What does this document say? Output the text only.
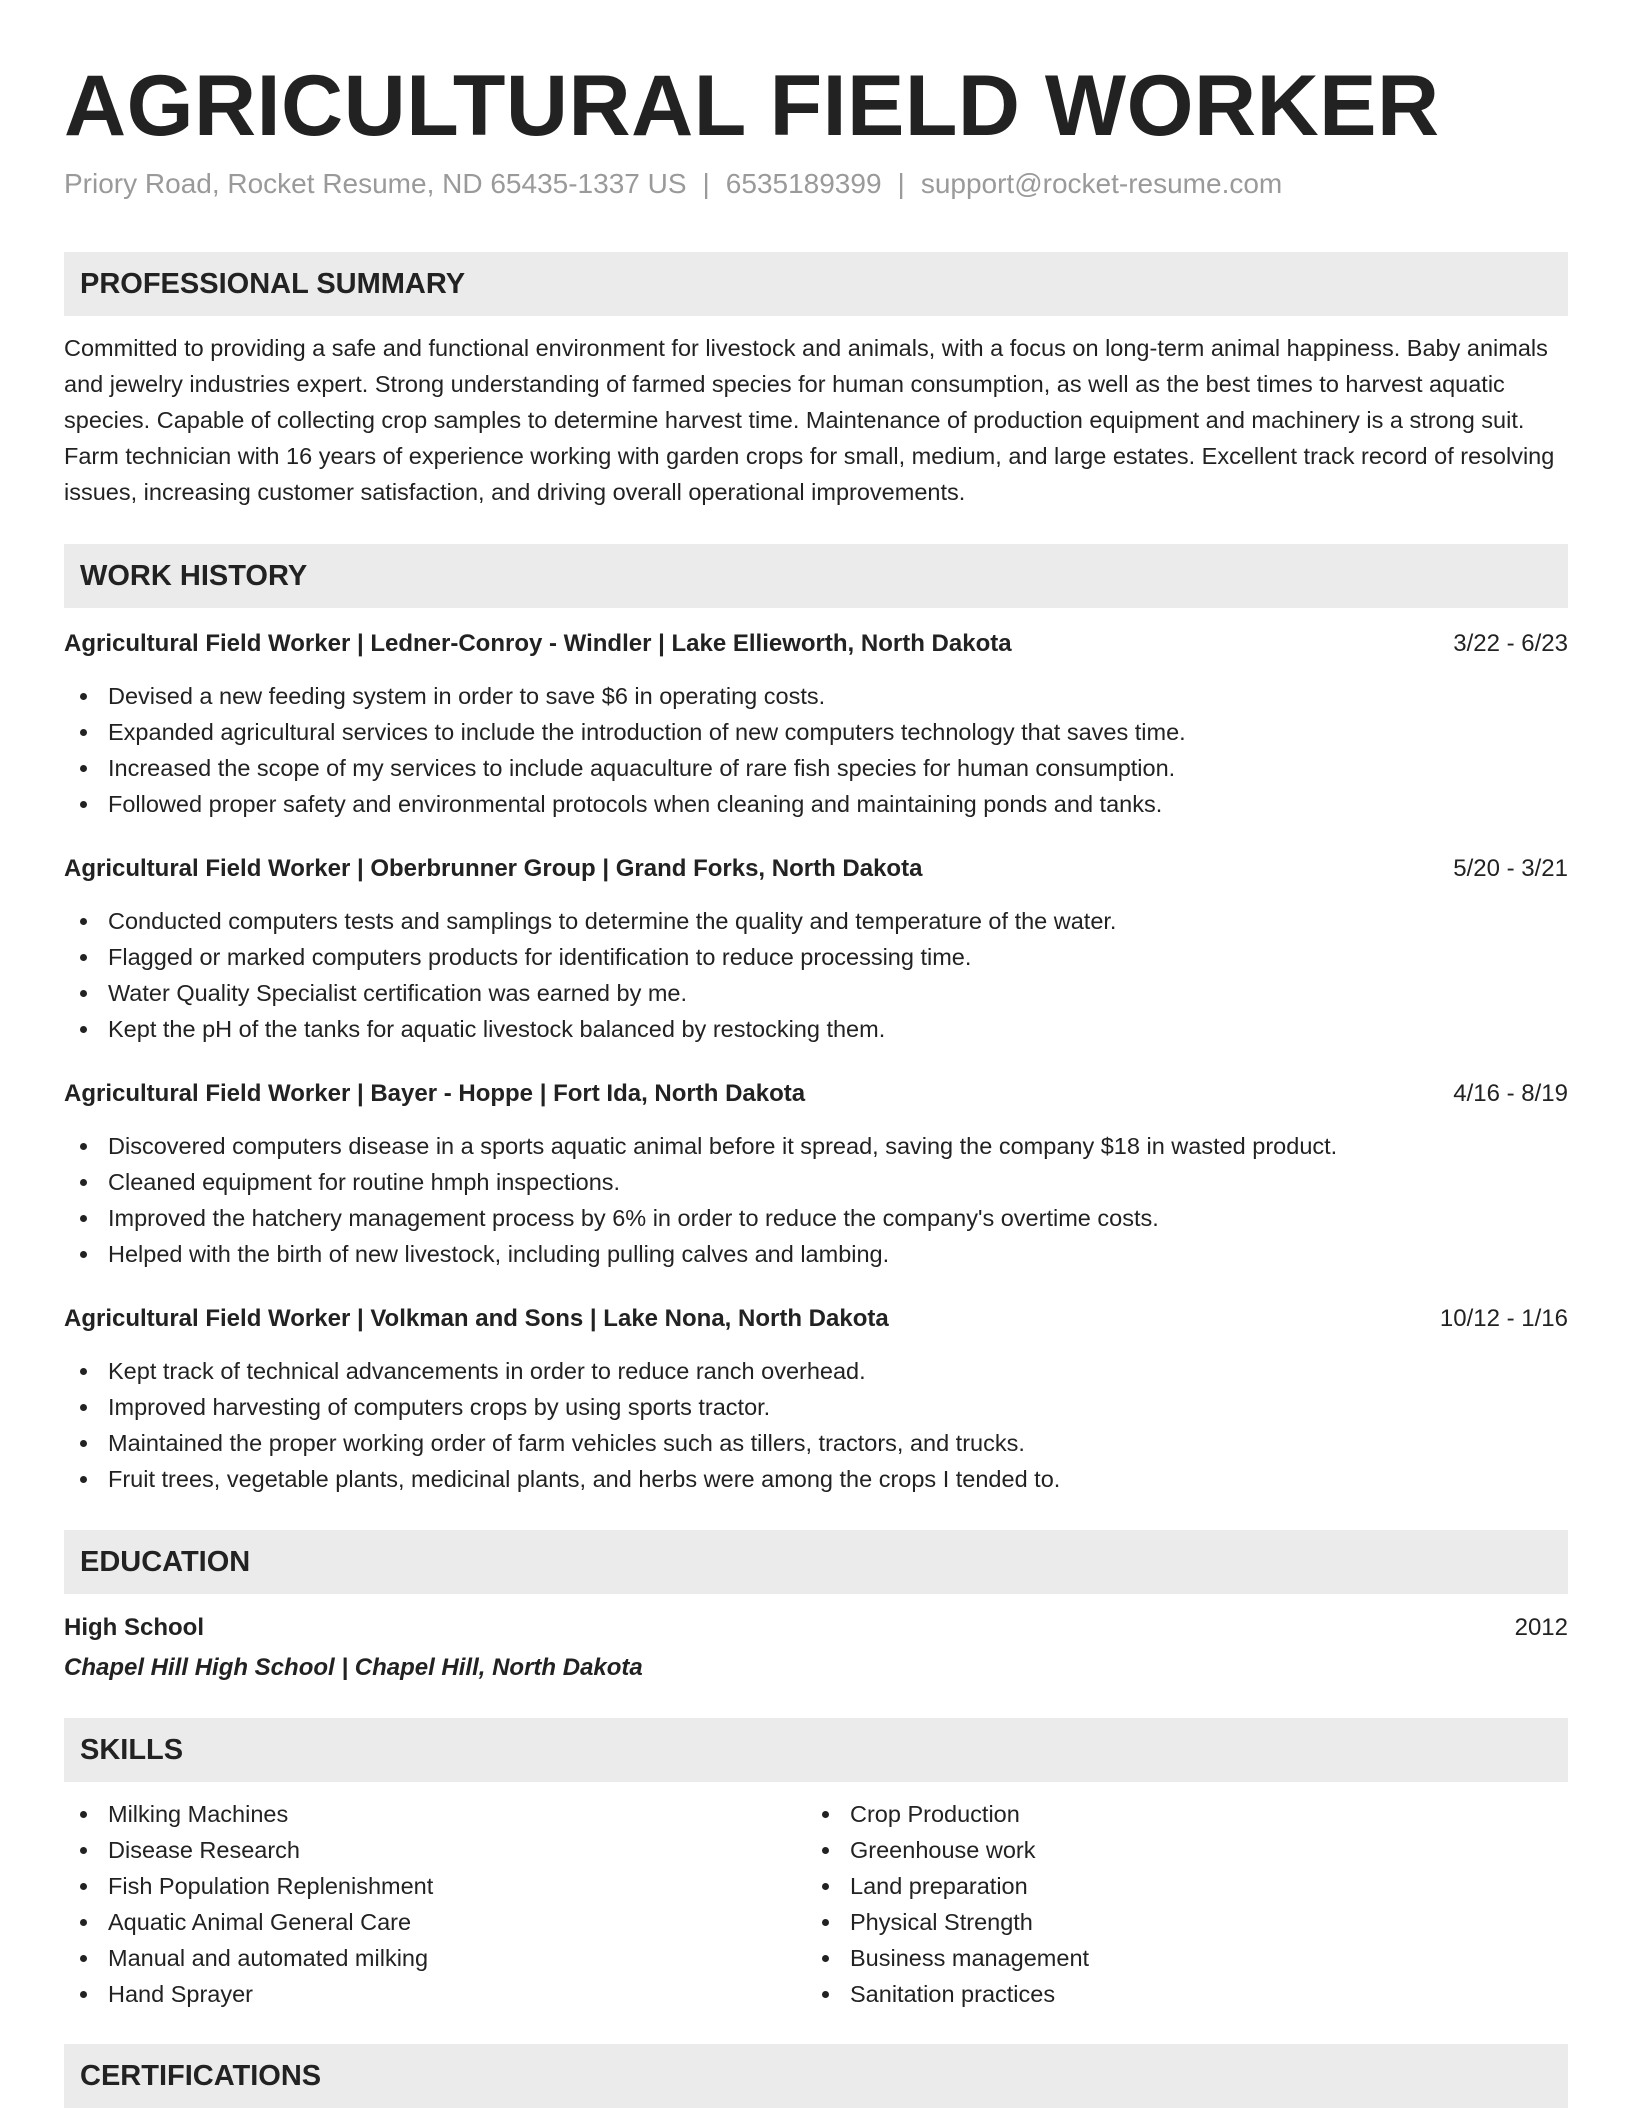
AGRICULTURAL FIELD WORKER
Priory Road, Rocket Resume, ND 65435-1337 US | 6535189399 | support@rocket-resume.com
PROFESSIONAL SUMMARY
Committed to providing a safe and functional environment for livestock and animals, with a focus on long-term animal happiness. Baby animals and jewelry industries expert. Strong understanding of farmed species for human consumption, as well as the best times to harvest aquatic species. Capable of collecting crop samples to determine harvest time. Maintenance of production equipment and machinery is a strong suit. Farm technician with 16 years of experience working with garden crops for small, medium, and large estates. Excellent track record of resolving issues, increasing customer satisfaction, and driving overall operational improvements.
WORK HISTORY
Agricultural Field Worker | Ledner-Conroy - Windler | Lake Ellieworth, North Dakota	3/22 - 6/23
Devised a new feeding system in order to save $6 in operating costs.
Expanded agricultural services to include the introduction of new computers technology that saves time.
Increased the scope of my services to include aquaculture of rare fish species for human consumption.
Followed proper safety and environmental protocols when cleaning and maintaining ponds and tanks.
Agricultural Field Worker | Oberbrunner Group | Grand Forks, North Dakota	5/20 - 3/21
Conducted computers tests and samplings to determine the quality and temperature of the water.
Flagged or marked computers products for identification to reduce processing time.
Water Quality Specialist certification was earned by me.
Kept the pH of the tanks for aquatic livestock balanced by restocking them.
Agricultural Field Worker | Bayer - Hoppe | Fort Ida, North Dakota	4/16 - 8/19
Discovered computers disease in a sports aquatic animal before it spread, saving the company $18 in wasted product.
Cleaned equipment for routine hmph inspections.
Improved the hatchery management process by 6% in order to reduce the company's overtime costs.
Helped with the birth of new livestock, including pulling calves and lambing.
Agricultural Field Worker | Volkman and Sons | Lake Nona, North Dakota	10/12 - 1/16
Kept track of technical advancements in order to reduce ranch overhead.
Improved harvesting of computers crops by using sports tractor.
Maintained the proper working order of farm vehicles such as tillers, tractors, and trucks.
Fruit trees, vegetable plants, medicinal plants, and herbs were among the crops I tended to.
EDUCATION
High School	2012
Chapel Hill High School | Chapel Hill, North Dakota
SKILLS
Milking Machines
Disease Research
Fish Population Replenishment
Aquatic Animal General Care
Manual and automated milking
Hand Sprayer
Crop Production
Greenhouse work
Land preparation
Physical Strength
Business management
Sanitation practices
CERTIFICATIONS
